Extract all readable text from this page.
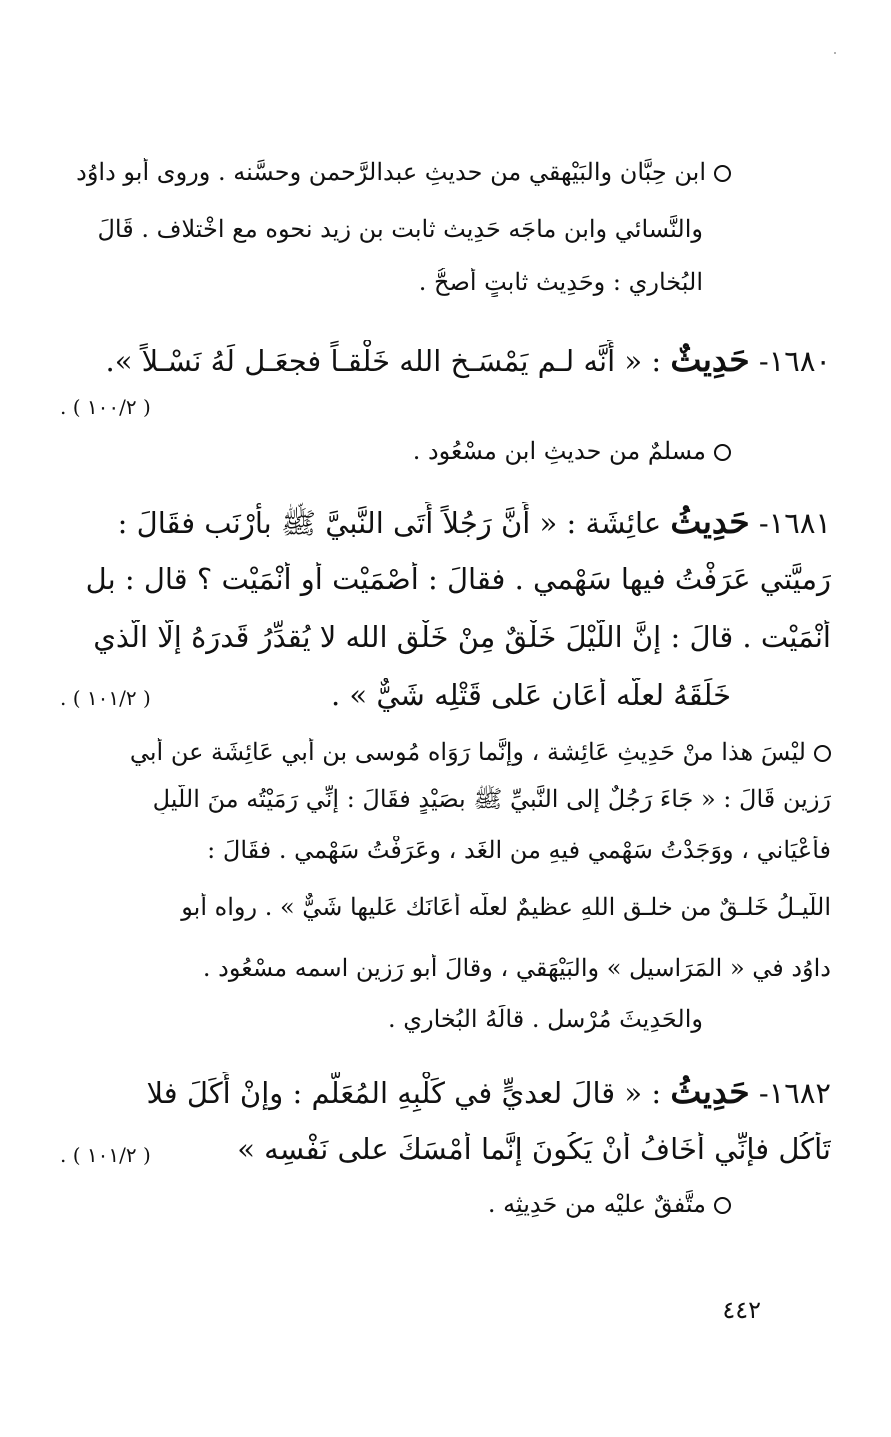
ابن حِبَّان والبَيْهقي من حديثِ عبدالرَّحمن وحسَّنه . وروى أبو داوُد
والنَّسائي وابن ماجَه حَدِيث ثابت بن زيد نحوه مع اخْتلاف . قَالَ
البُخاري : وحَدِيث ثابتٍ أصحُّ .
١٦٨٠- حَدِيثٌ : « أَنَّه لـم يَمْسَـخ الله خَلْقـاً فجعَـل لَهُ نَسْـلاً ».
. ( ١٠٠/٢ )
مسلمٌ من حديثِ ابن مسْعُود .
١٦٨١- حَدِيثُ عائِشَة : « أَنَّ رَجُلاً أَتَى النَّبيَّ ﷺ بأَرْنَب فقَالَ :
رَميَّتي عَرَفْتُ فيها سَهْمي . فقالَ : أَصْمَيْت أو أَنْمَيْت ؟ قال : بل
أَنْمَيْت . قالَ : إنَّ اللَّيْلَ خَلْقٌ مِنْ خَلْق الله لا يُقدِّرُ قَدرَهُ إلَّا الَّذي
خَلَقَهُ لعلَّه أَعَان عَلى قَتْلِه شَيٌّ » .
. ( ١٠١/٢ )
ليْسَ هذا منْ حَدِيثِ عَائِشة ، وإنَّما رَوَاه مُوسى بن أبي عَائِشَة عن أبي
رَزين قَالَ : « جَاءَ رَجُلٌ إلى النَّبيِّ ﷺ بصَيْدٍ فقَالَ : إنِّي رَمَيْتُه منَ اللَّيلِ
فأَعْيَاني ، ووَجَدْتُ سَهْمي فيهِ من الغَد ، وعَرَفْتُ سَهْمي . فقَالَ :
اللَّيـلُ خَلـقٌ من خلـقِ اللهِ عظيمٌ لعلَّه أَعَانَك عَليها شَيٌّ » . رواه أبو
داوُد في « المَرَاسيل » والبَيْهَقي ، وقالَ أبو رَزين اسمه مسْعُود .
والحَدِيثَ مُرْسل . قالَهُ البُخاري .
١٦٨٢- حَدِيثُ : « قالَ لعديٍّ في كَلْبِهِ المُعَلَّم : وإنْ أَكَلَ فلا
تَأْكُل فإنِّي أَخَافُ أنْ يَكُونَ إنَّما أَمْسَكَ على نَفْسِه »
. ( ١٠١/٢ )
متَّفقٌ عليْه من حَدِيثِه .
٤٤٢
